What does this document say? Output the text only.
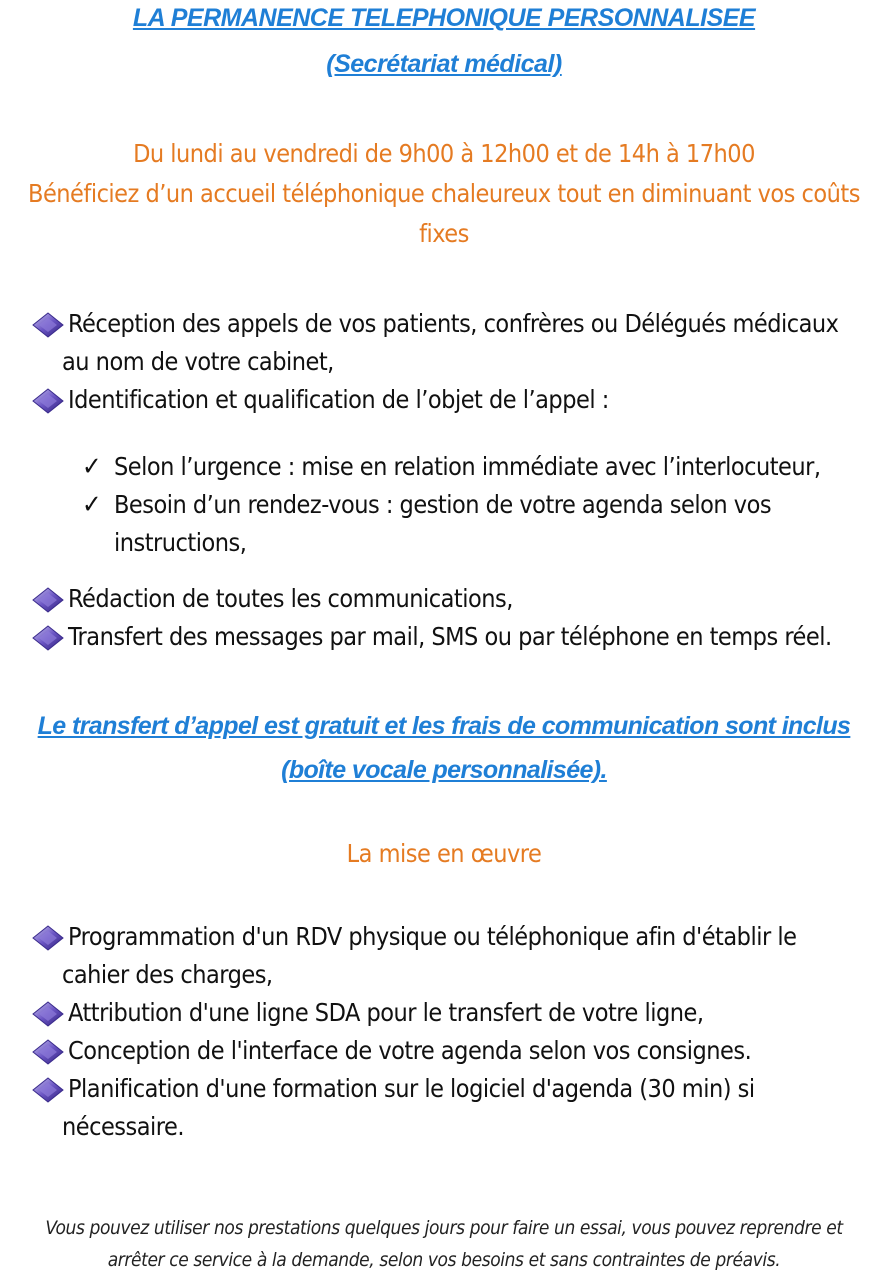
LA PERMANENCE TELEPHONIQUE PERSONNALISEE
(Secrétariat médical)
Du lundi au vendredi de 9h00 à 12h00 et de 14h à 17h00
Bénéficiez d’un accueil téléphonique chaleureux tout en diminuant vos coûts
fixes
Réception des appels de vos patients, confrères ou Délégués médicaux
au nom de votre cabinet,
Identification et qualification de l’objet de l’appel :
✓ Selon l’urgence : mise en relation immédiate avec l’interlocuteur,
✓ Besoin d’un rendez-vous : gestion de votre agenda selon vos
instructions,
Rédaction de toutes les communications,
Transfert des messages par mail, SMS ou par téléphone en temps réel.
Le transfert d’appel est gratuit et les frais de communication sont inclus
(boîte vocale personnalisée).
La mise en œuvre
Programmation d'un RDV physique ou téléphonique afin d'établir le
cahier des charges,
Attribution d'une ligne SDA pour le transfert de votre ligne,
Conception de l'interface de votre agenda selon vos consignes.
Planification d'une formation sur le logiciel d'agenda (30 min) si
nécessaire.
Vous pouvez utiliser nos prestations quelques jours pour faire un essai, vous pouvez reprendre et
arrêter ce service à la demande, selon vos besoins et sans contraintes de préavis.
